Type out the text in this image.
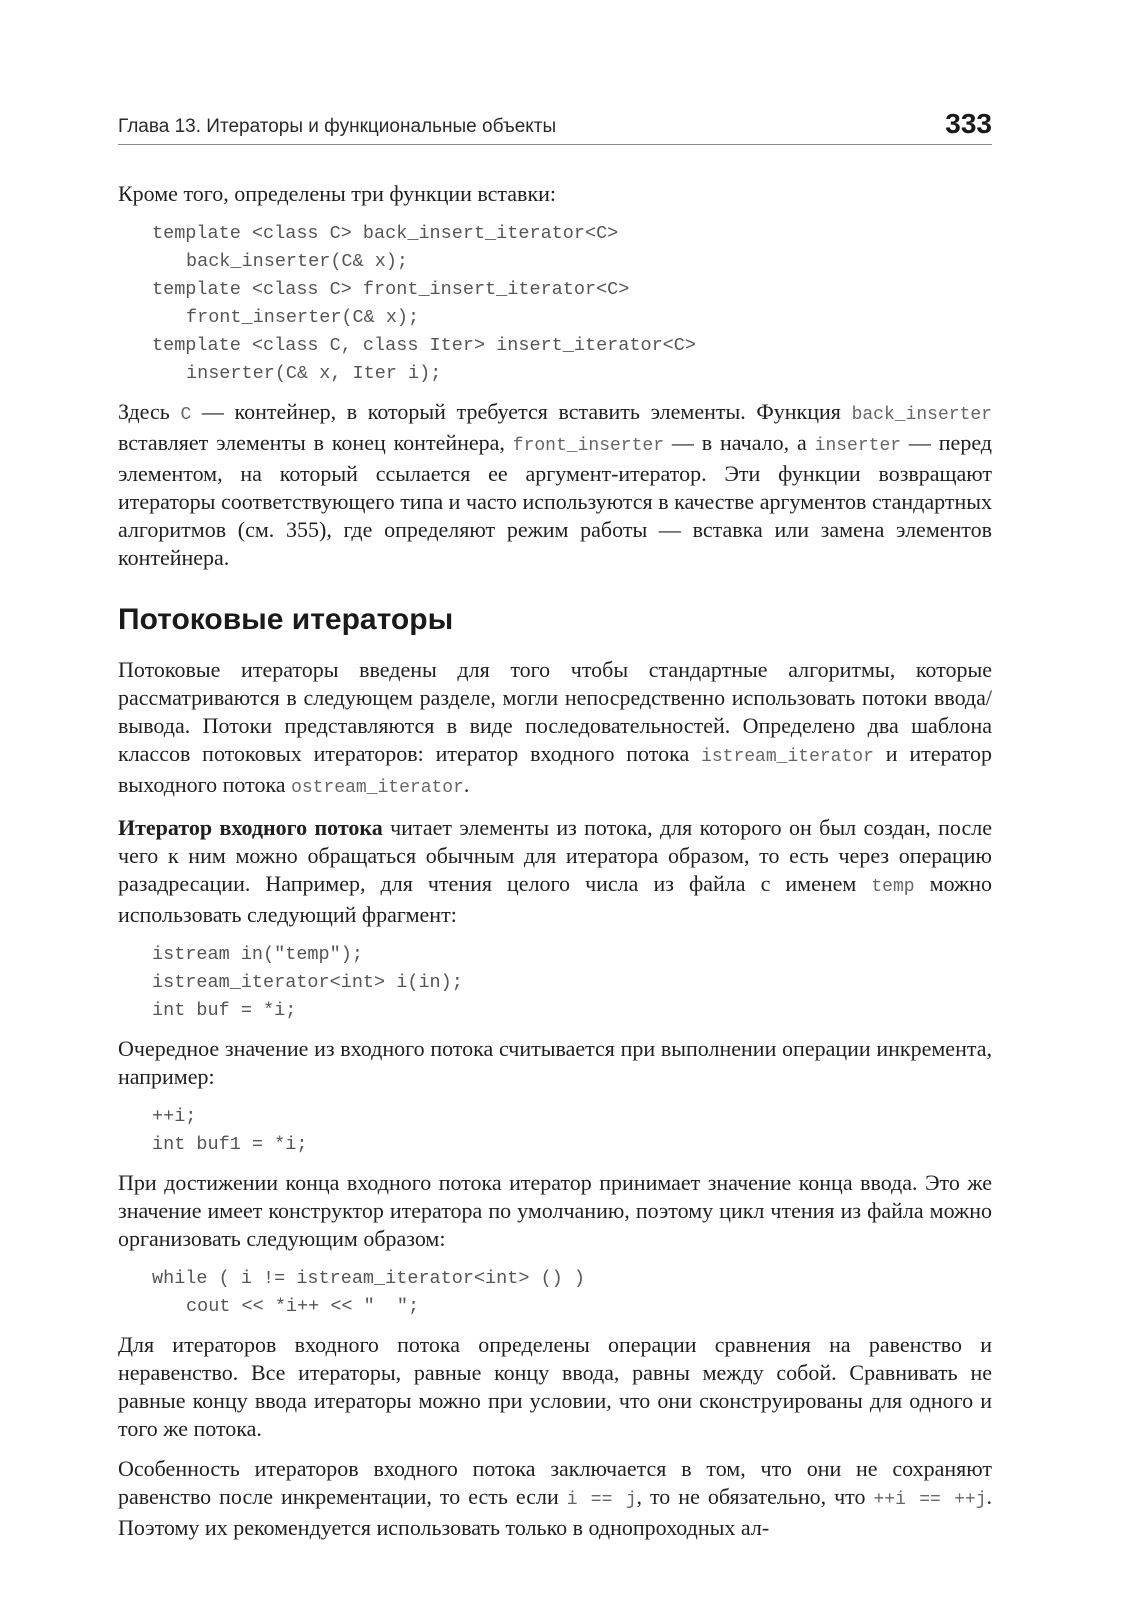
Глава 13. Итераторы и функциональные объекты	333

Кроме того, определены три функции вставки:

template <class C> back_insert_iterator<C>
back_inserter(C& x);
template <class C> front_insert_iterator<C>
front_inserter(C& x);
template <class C, class Iter> insert_iterator<C>
inserter(C& x, Iter i);

Здесь C — контейнер, в который требуется вставить элементы. Функция back_inserter вставляет элементы в конец контейнера, front_inserter — в начало, а inserter — перед элементом, на который ссылается ее аргумент-итератор. Эти функции возвращают итераторы соответствующего типа и часто используются в качестве аргументов стандартных алгоритмов (см. 355), где определяют режим работы — вставка или замена элементов контейнера.

Потоковые итераторы

Потоковые итераторы введены для того чтобы стандартные алгоритмы, которые рассматриваются в следующем разделе, могли непосредственно использовать потоки ввода/вывода. Потоки представляются в виде последовательностей. Определено два шаблона классов потоковых итераторов: итератор входного потока istream_iterator и итератор выходного потока ostream_iterator.

Итератор входного потока читает элементы из потока, для которого он был создан, после чего к ним можно обращаться обычным для итератора образом, то есть через операцию разадресации. Например, для чтения целого числа из файла с именем temp можно использовать следующий фрагмент:

istream in("temp");
istream_iterator<int> i(in);
int buf = *i;

Очередное значение из входного потока считывается при выполнении операции инкремента, например:

++i;
int buf1 = *i;

При достижении конца входного потока итератор принимает значение конца ввода. Это же значение имеет конструктор итератора по умолчанию, поэтому цикл чтения из файла можно организовать следующим образом:

while ( i != istream_iterator<int> () )
cout << *i++ << "  ";

Для итераторов входного потока определены операции сравнения на равенство и неравенство. Все итераторы, равные концу ввода, равны между собой. Сравнивать не равные концу ввода итераторы можно при условии, что они сконструированы для одного и того же потока.

Особенность итераторов входного потока заключается в том, что они не сохраняют равенство после инкрементации, то есть если i == j, то не обязательно, что ++i == ++j. Поэтому их рекомендуется использовать только в однопроходных ал-
